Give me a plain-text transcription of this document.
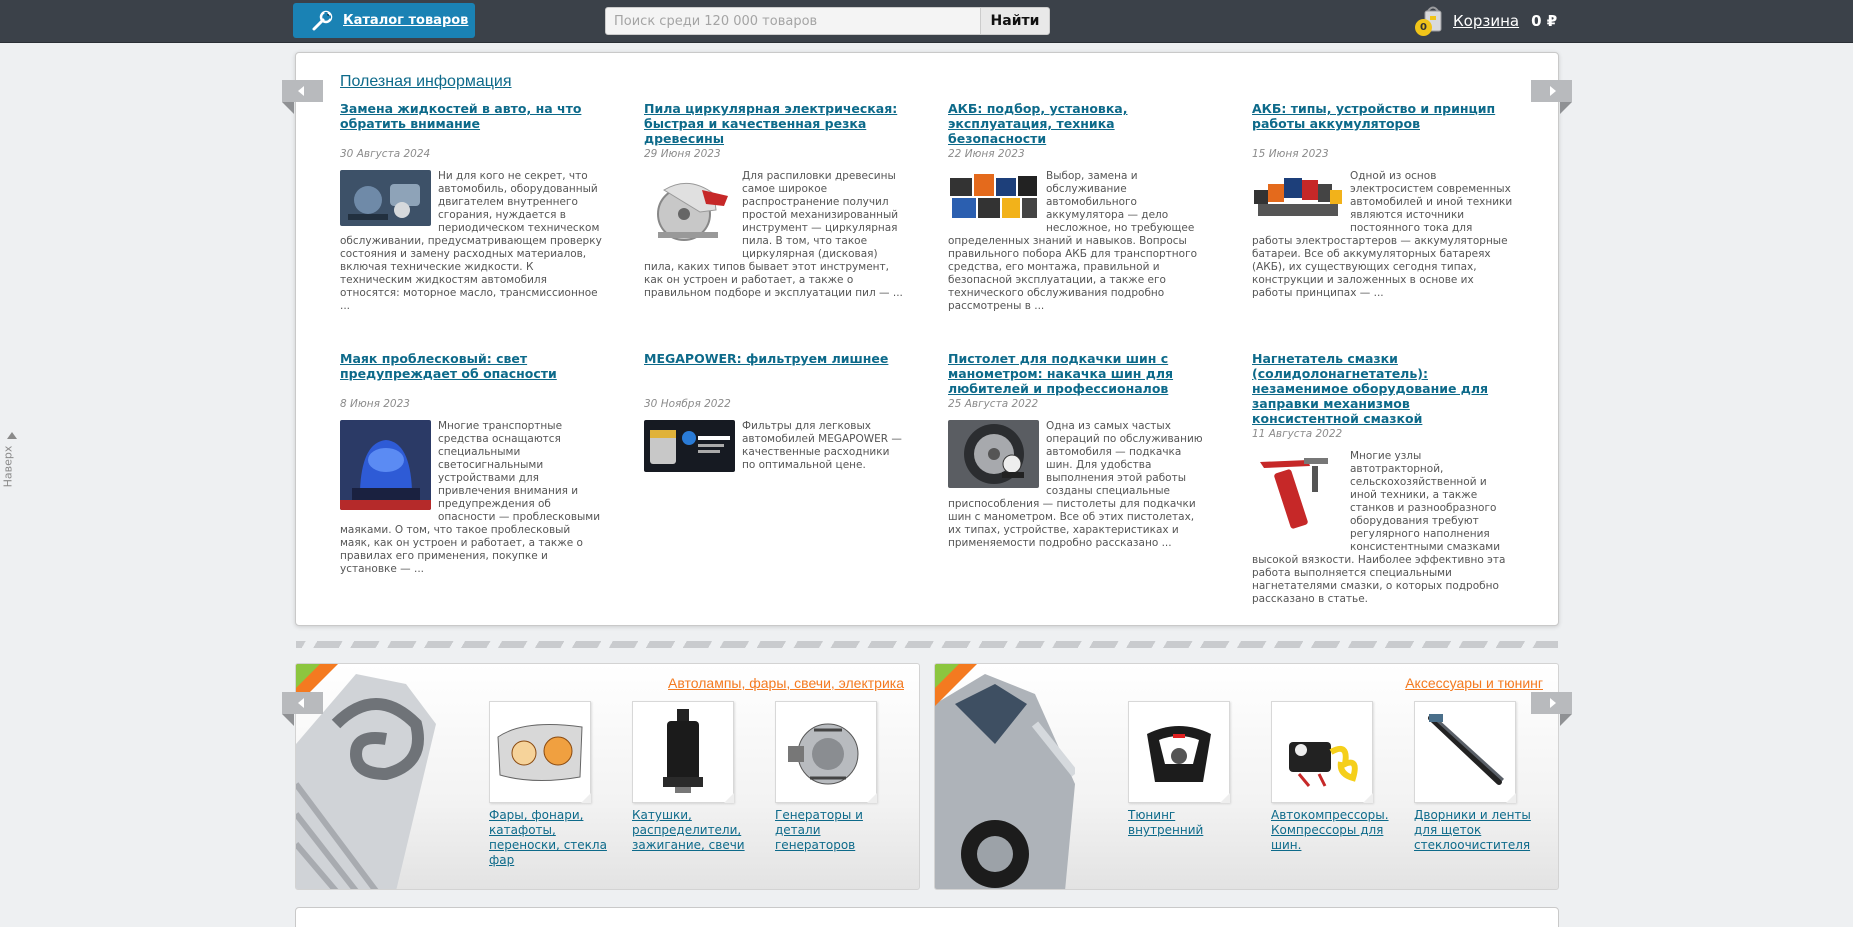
Каталог товаров
Поиск среди 120 000 товаров	Найти	0	Корзина 0 ₽
Наверх
Полезная информация
Замена жидкостей в авто, на что обратить внимание
30 Августа 2024
Ни для кого не секрет, что автомобиль, оборудованный двигателем внутреннего сгорания, нуждается в периодическом техническом обслуживании, предусматривающем проверку состояния и замену расходных материалов, включая технические жидкости. К техническим жидкостям автомобиля относятся: моторное масло, трансмиссионное ...
Пила циркулярная электрическая: быстрая и качественная резка древесины
29 Июня 2023
Для распиловки древесины самое широкое распространение получил простой механизированный инструмент — циркулярная пила. В том, что такое циркулярная (дисковая) пила, каких типов бывает этот инструмент, как он устроен и работает, а также о правильном подборе и эксплуатации пил — ...
АКБ: подбор, установка, эксплуатация, техника безопасности
22 Июня 2023
Выбор, замена и обслуживание автомобильного аккумулятора — дело несложное, но требующее определенных знаний и навыков. Вопросы правильного побора АКБ для транспортного средства, его монтажа, правильной и безопасной эксплуатации, а также его технического обслуживания подробно рассмотрены в ...
АКБ: типы, устройство и принцип работы аккумуляторов
15 Июня 2023
Одной из основ электросистем современных автомобилей и иной техники являются источники постоянного тока для работы электростартеров — аккумуляторные батареи. Все об аккумуляторных батареях (АКБ), их существующих сегодня типах, конструкции и заложенных в основе их работы принципах — ...
Маяк проблесковый: свет предупреждает об опасности
8 Июня 2023
Многие транспортные средства оснащаются специальными светосигнальными устройствами для привлечения внимания и предупреждения об опасности — проблесковыми маяками. О том, что такое проблесковый маяк, как он устроен и работает, а также о правилах его применения, покупке и установке — ...
MEGAPOWER: фильтруем лишнее
30 Ноября 2022
Фильтры для легковых автомобилей MEGAPOWER — качественные расходники по оптимальной цене.
Пистолет для подкачки шин с манометром: накачка шин для любителей и профессионалов
25 Августа 2022
Одна из самых частых операций по обслуживанию автомобиля — подкачка шин. Для удобства выполнения этой работы созданы специальные приспособления — пистолеты для подкачки шин с манометром. Все об этих пистолетах, их типах, устройстве, характеристиках и применяемости подробно рассказано ...
Нагнетатель смазки (солидолонагнетатель): незаменимое оборудование для заправки механизмов консистентной смазкой
11 Августа 2022
Многие узлы автотракторной, сельскохозяйственной и иной техники, а также станков и разнообразного оборудования требуют регулярного наполнения консистентными смазками высокой вязкости. Наиболее эффективно эта работа выполняется специальными нагнетателями смазки, о которых подробно рассказано в статье.
Автолампы, фары, свечи, электрика
Фары, фонари, катафоты, переноски, стекла фар
Катушки, распределители, зажигание, свечи
Генераторы и детали генераторов
Аксессуары и тюнинг
Тюнинг внутренний
Автокомпрессоры. Компрессоры для шин.
Дворники и ленты для щеток стеклоочистителя
